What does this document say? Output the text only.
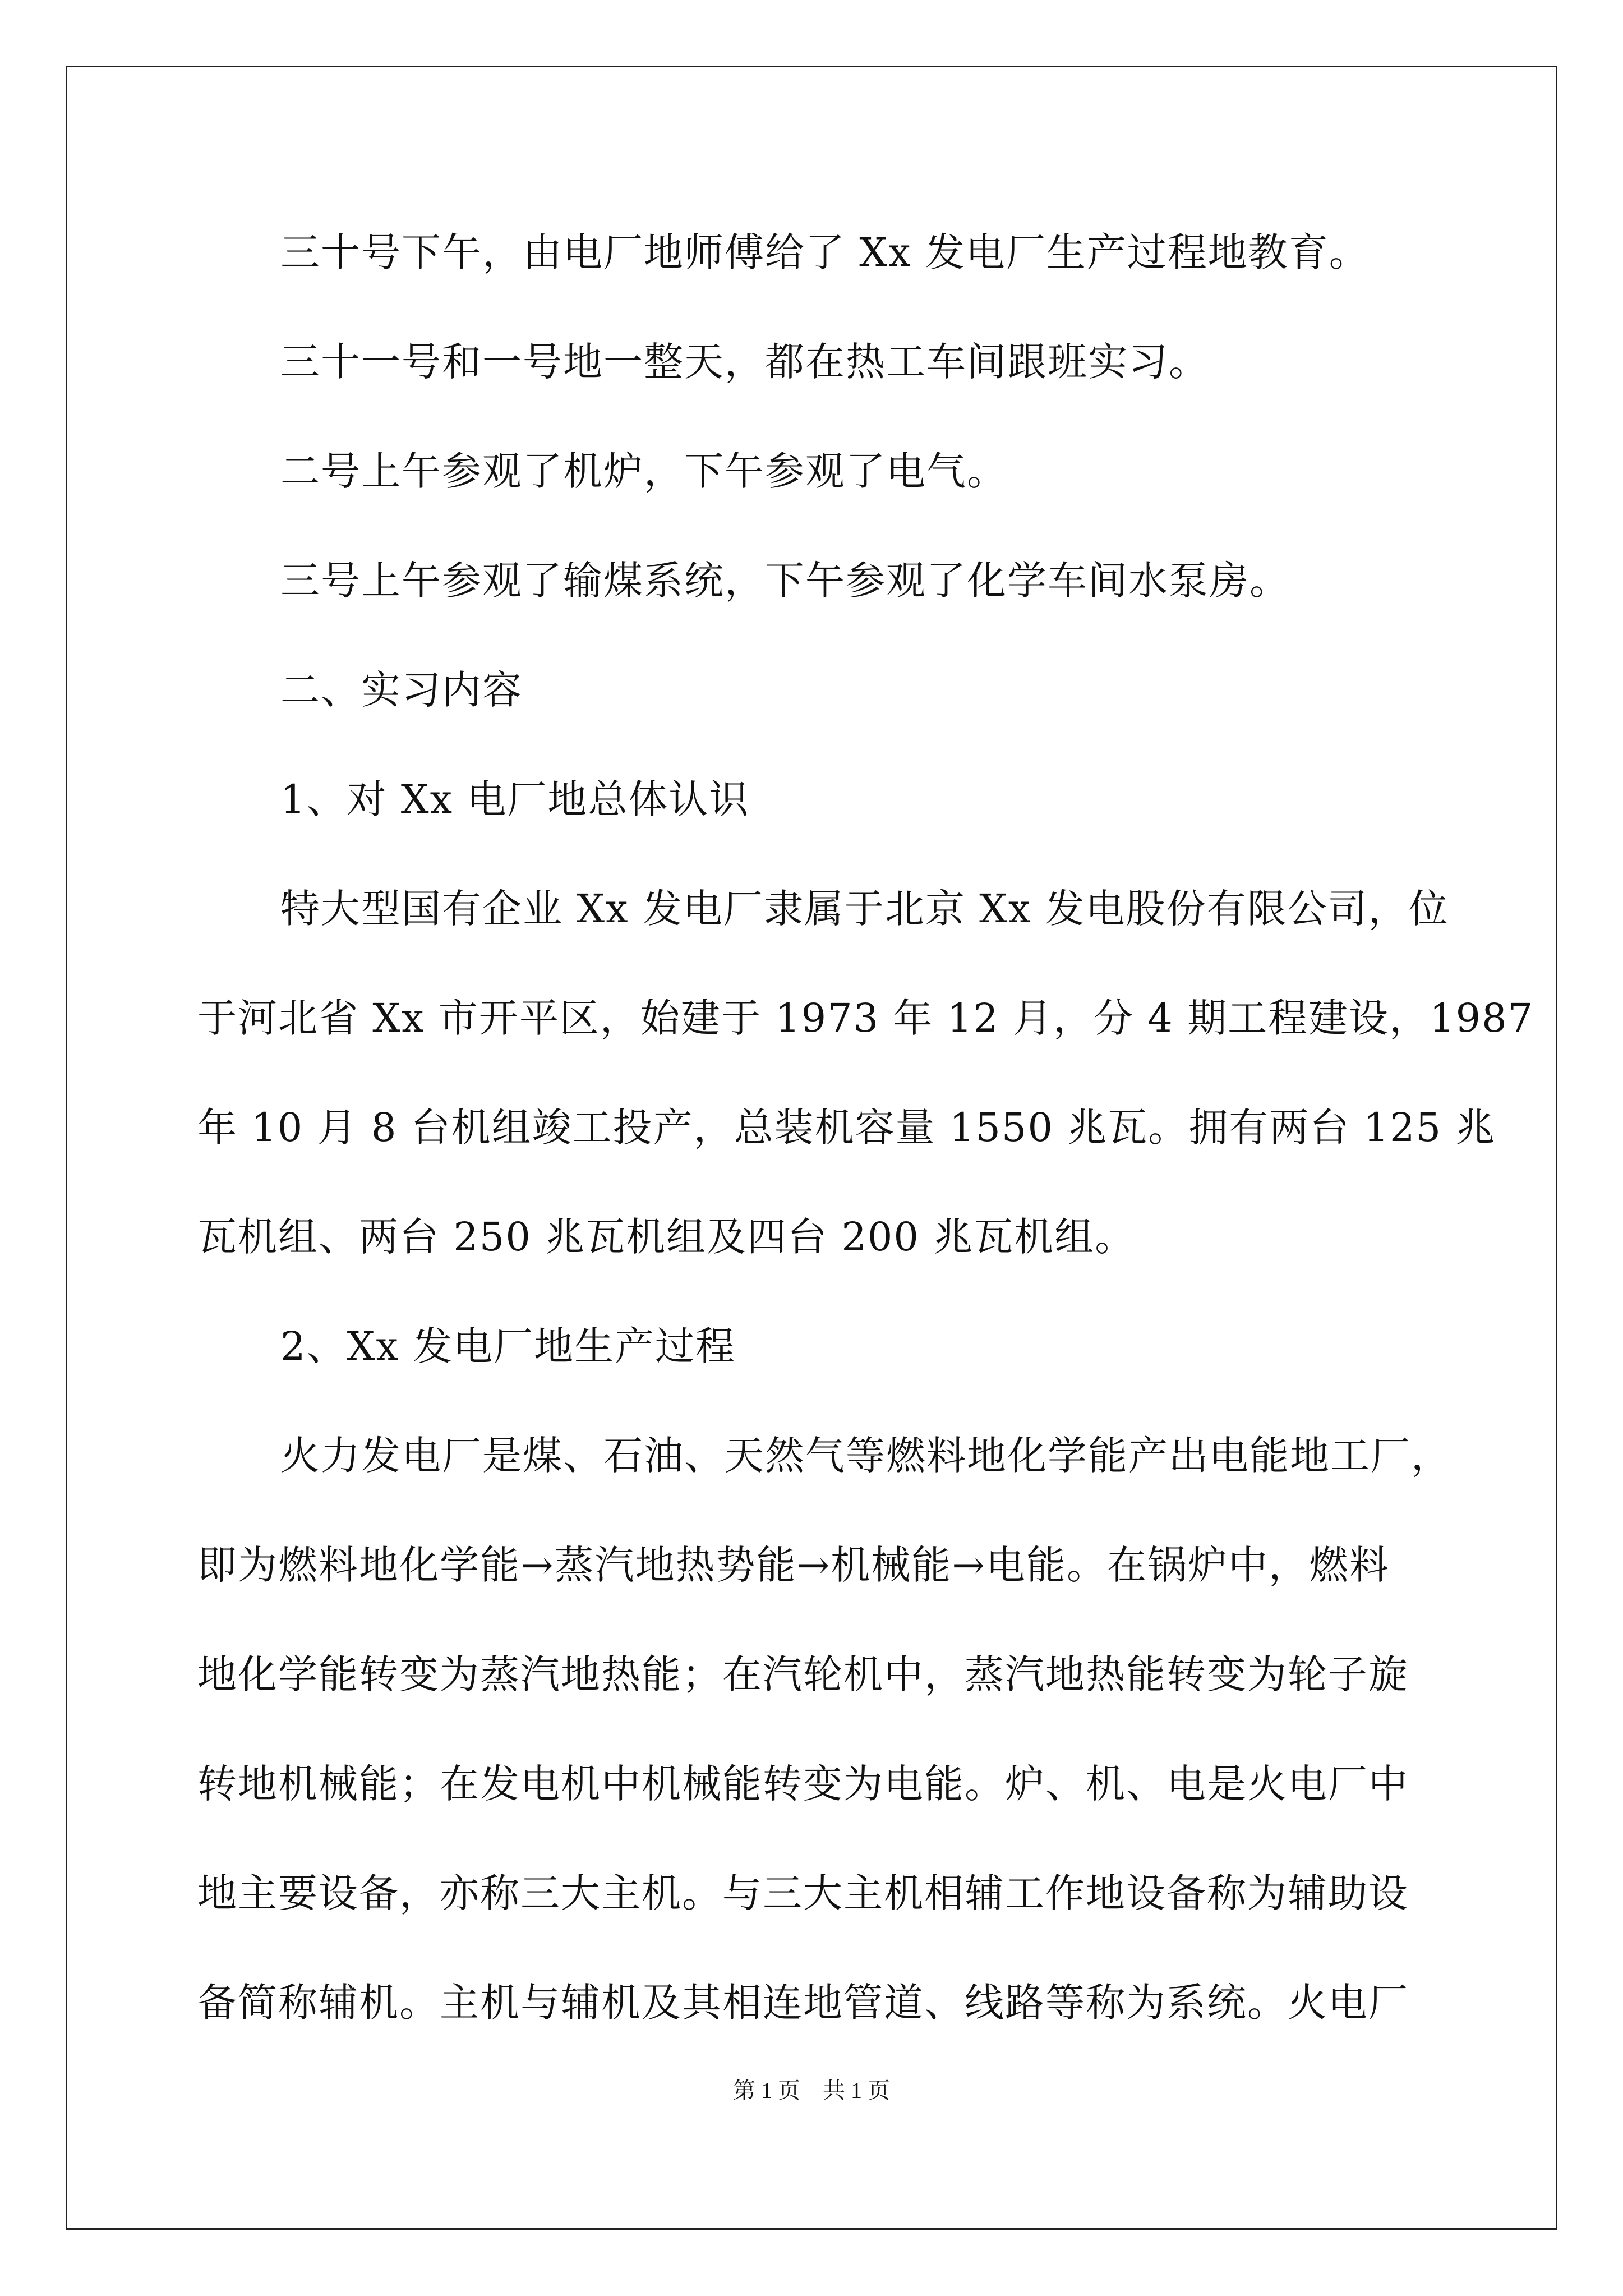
三十号下午，由电厂地师傅给了 Xx 发电厂生产过程地教育。
三十一号和一号地一整天，都在热工车间跟班实习。
二号上午参观了机炉，下午参观了电气。
三号上午参观了输煤系统，下午参观了化学车间水泵房。
二、实习内容
1、对 Xx 电厂地总体认识
特大型国有企业 Xx 发电厂隶属于北京 Xx 发电股份有限公司，位
于河北省 Xx 市开平区，始建于 1973 年 12 月，分 4 期工程建设，1987
年 10 月 8 台机组竣工投产，总装机容量 1550 兆瓦。拥有两台 125 兆
瓦机组、两台 250 兆瓦机组及四台 200 兆瓦机组。
2、Xx 发电厂地生产过程
火力发电厂是煤、石油、天然气等燃料地化学能产出电能地工厂，
即为燃料地化学能→蒸汽地热势能→机械能→电能。在锅炉中，燃料
地化学能转变为蒸汽地热能；在汽轮机中，蒸汽地热能转变为轮子旋
转地机械能；在发电机中机械能转变为电能。炉、机、电是火电厂中
地主要设备，亦称三大主机。与三大主机相辅工作地设备称为辅助设
备简称辅机。主机与辅机及其相连地管道、线路等称为系统。火电厂
第 1 页　共 1 页
